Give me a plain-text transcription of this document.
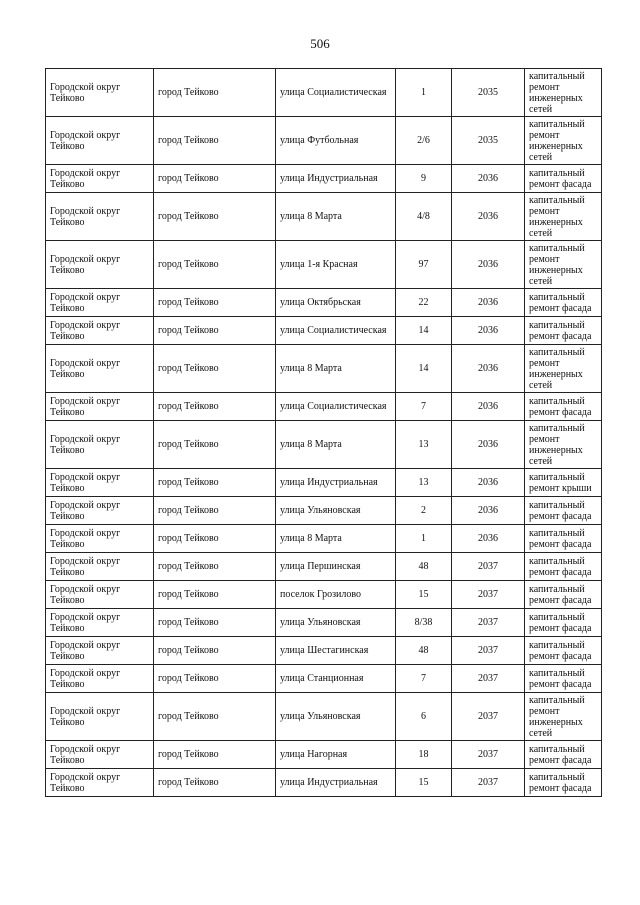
506
Городской округ Тейково	город Тейково	улица Социалистическая	1	2035	капитальный ремонт инженерных сетей
Городской округ Тейково	город Тейково	улица Футбольная	2/6	2035	капитальный ремонт инженерных сетей
Городской округ Тейково	город Тейково	улица Индустриальная	9	2036	капитальный ремонт фасада
Городской округ Тейково	город Тейково	улица 8 Марта	4/8	2036	капитальный ремонт инженерных сетей
Городской округ Тейково	город Тейково	улица 1-я Красная	97	2036	капитальный ремонт инженерных сетей
Городской округ Тейково	город Тейково	улица Октябрьская	22	2036	капитальный ремонт фасада
Городской округ Тейково	город Тейково	улица Социалистическая	14	2036	капитальный ремонт фасада
Городской округ Тейково	город Тейково	улица 8 Марта	14	2036	капитальный ремонт инженерных сетей
Городской округ Тейково	город Тейково	улица Социалистическая	7	2036	капитальный ремонт фасада
Городской округ Тейково	город Тейково	улица 8 Марта	13	2036	капитальный ремонт инженерных сетей
Городской округ Тейково	город Тейково	улица Индустриальная	13	2036	капитальный ремонт крыши
Городской округ Тейково	город Тейково	улица Ульяновская	2	2036	капитальный ремонт фасада
Городской округ Тейково	город Тейково	улица 8 Марта	1	2036	капитальный ремонт фасада
Городской округ Тейково	город Тейково	улица Першинская	48	2037	капитальный ремонт фасада
Городской округ Тейково	город Тейково	поселок Грозилово	15	2037	капитальный ремонт фасада
Городской округ Тейково	город Тейково	улица Ульяновская	8/38	2037	капитальный ремонт фасада
Городской округ Тейково	город Тейково	улица Шестагинская	48	2037	капитальный ремонт фасада
Городской округ Тейково	город Тейково	улица Станционная	7	2037	капитальный ремонт фасада
Городской округ Тейково	город Тейково	улица Ульяновская	6	2037	капитальный ремонт инженерных сетей
Городской округ Тейково	город Тейково	улица Нагорная	18	2037	капитальный ремонт фасада
Городской округ Тейково	город Тейково	улица Индустриальная	15	2037	капитальный ремонт фасада
